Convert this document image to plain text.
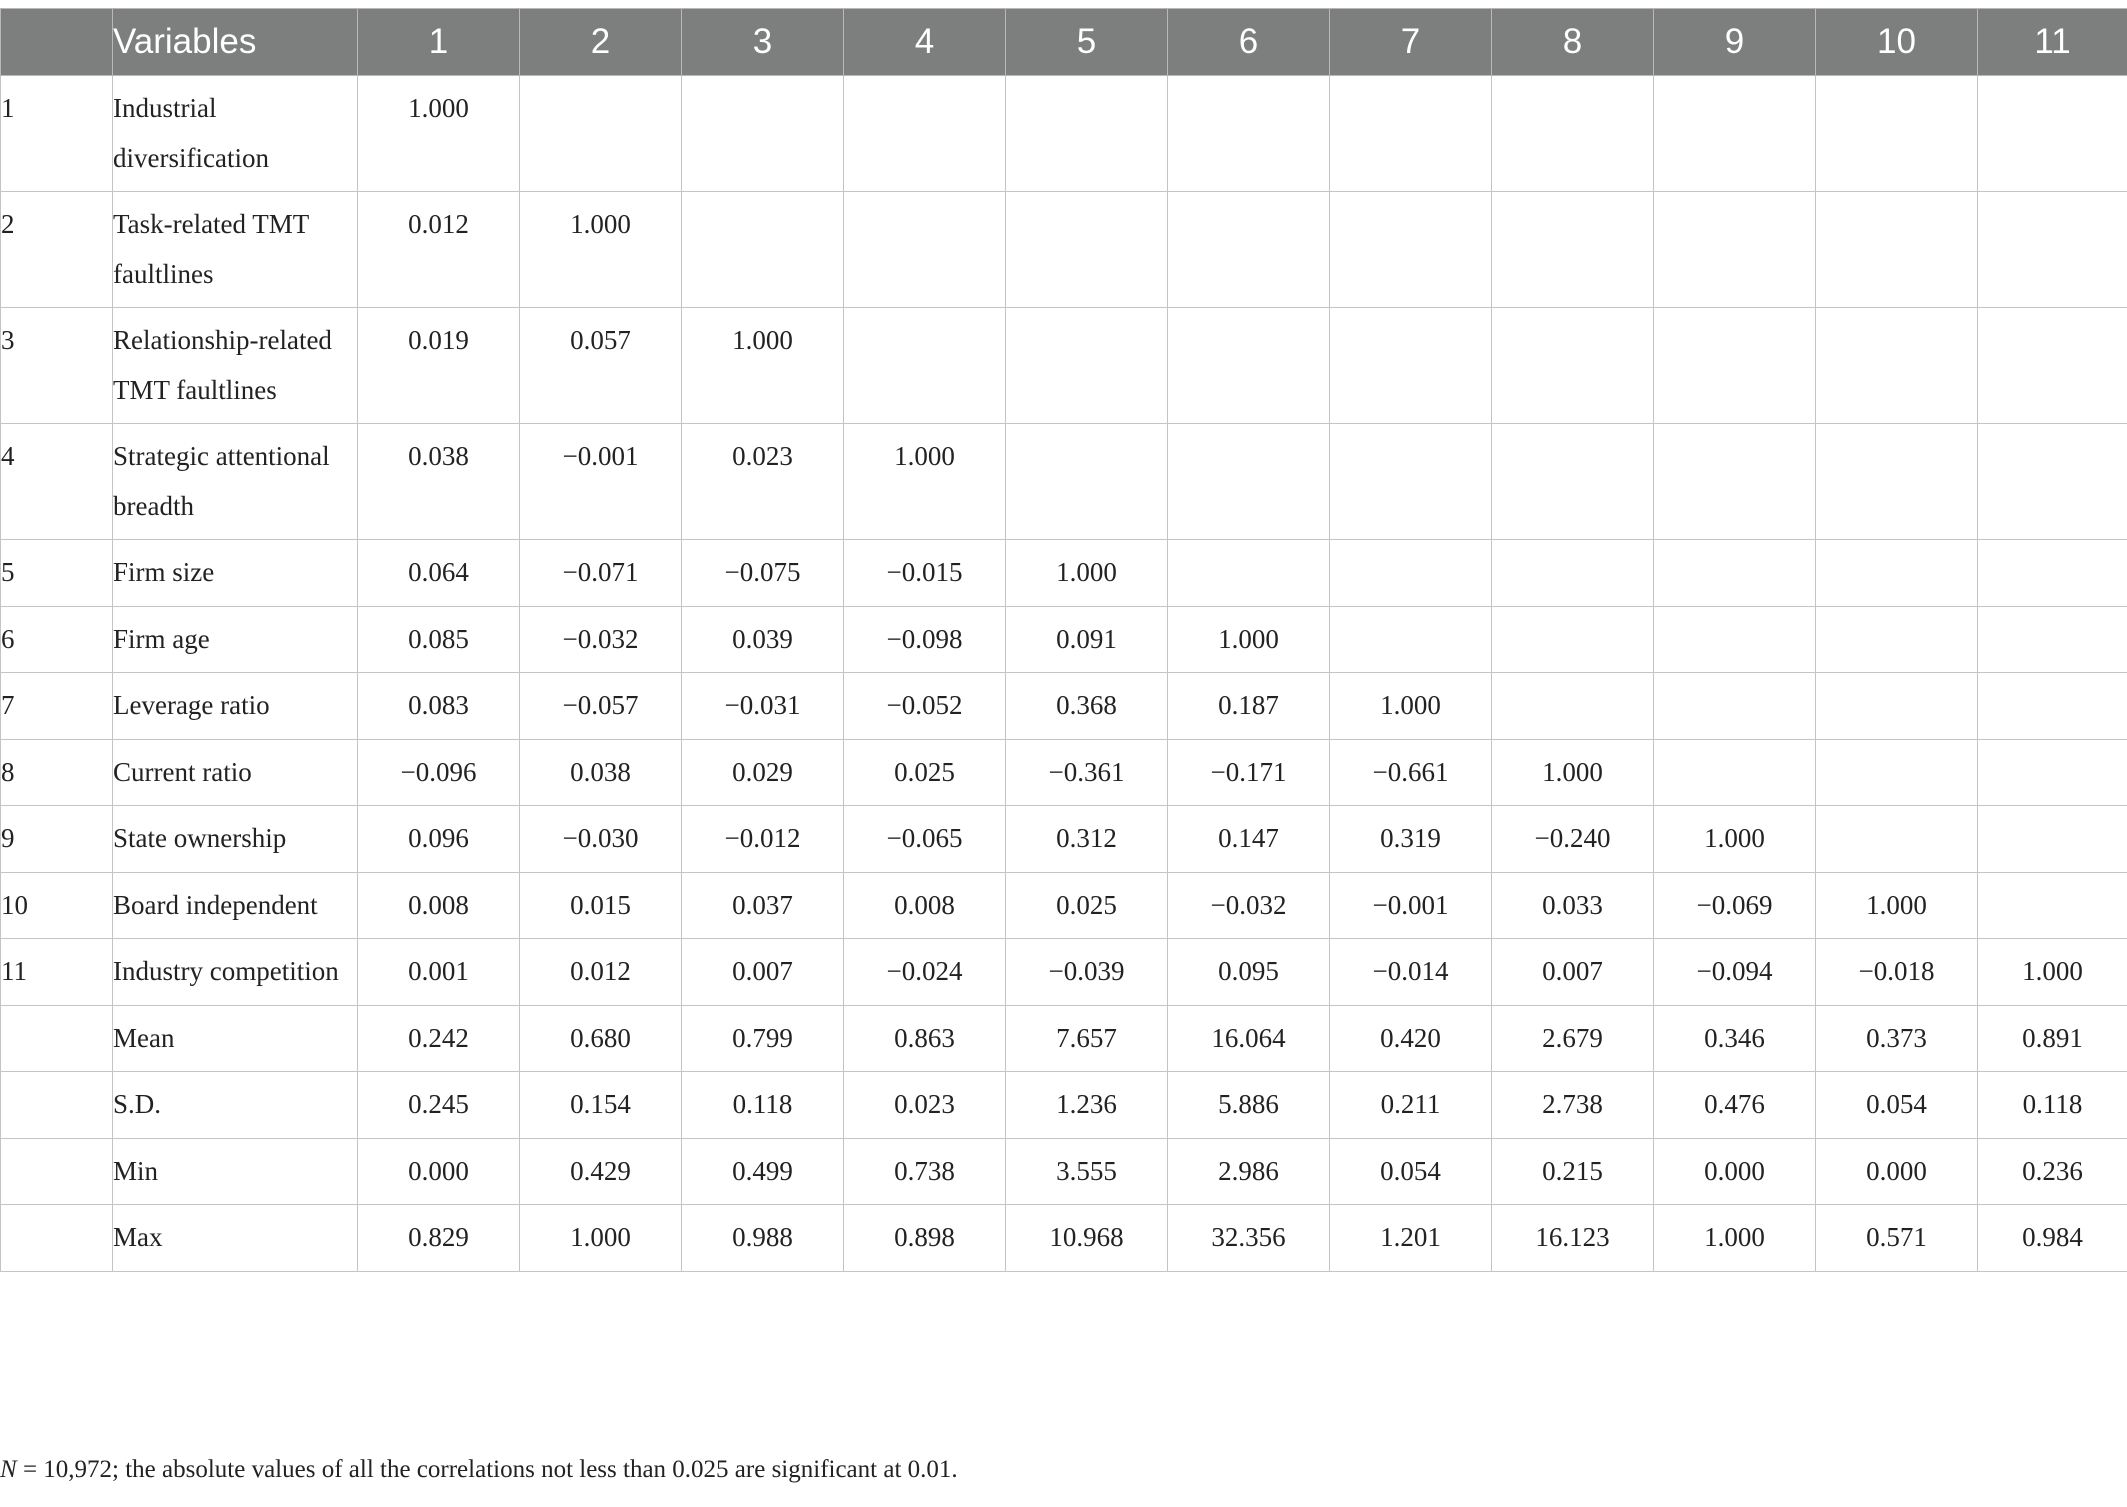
	Variables	1	2	3	4	5	6	7	8	9	10	11
1	Industrial diversification	1.000										
2	Task-related TMT faultlines	0.012	1.000									
3	Relationship-related TMT faultlines	0.019	0.057	1.000								
4	Strategic attentional breadth	0.038	−0.001	0.023	1.000							
5	Firm size	0.064	−0.071	−0.075	−0.015	1.000						
6	Firm age	0.085	−0.032	0.039	−0.098	0.091	1.000					
7	Leverage ratio	0.083	−0.057	−0.031	−0.052	0.368	0.187	1.000				
8	Current ratio	−0.096	0.038	0.029	0.025	−0.361	−0.171	−0.661	1.000			
9	State ownership	0.096	−0.030	−0.012	−0.065	0.312	0.147	0.319	−0.240	1.000		
10	Board independent	0.008	0.015	0.037	0.008	0.025	−0.032	−0.001	0.033	−0.069	1.000	
11	Industry competition	0.001	0.012	0.007	−0.024	−0.039	0.095	−0.014	0.007	−0.094	−0.018	1.000
	Mean	0.242	0.680	0.799	0.863	7.657	16.064	0.420	2.679	0.346	0.373	0.891
	S.D.	0.245	0.154	0.118	0.023	1.236	5.886	0.211	2.738	0.476	0.054	0.118
	Min	0.000	0.429	0.499	0.738	3.555	2.986	0.054	0.215	0.000	0.000	0.236
	Max	0.829	1.000	0.988	0.898	10.968	32.356	1.201	16.123	1.000	0.571	0.984

N = 10,972; the absolute values of all the correlations not less than 0.025 are significant at 0.01.
